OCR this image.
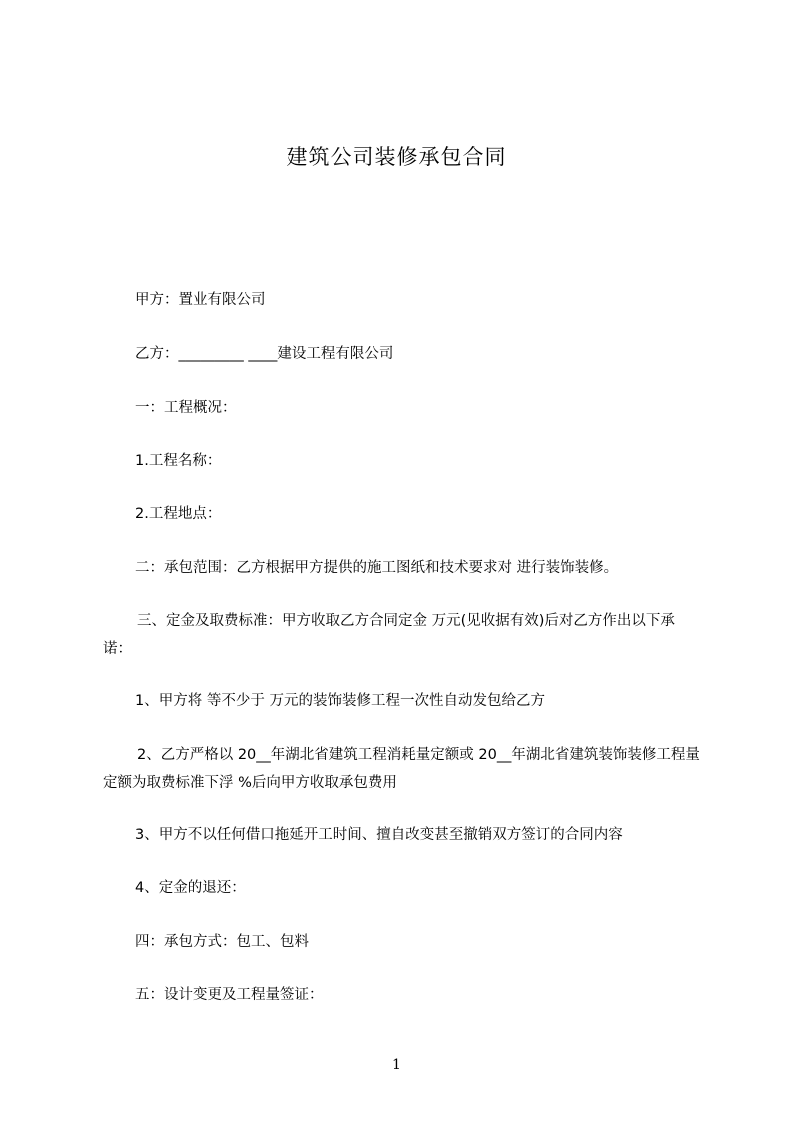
建筑公司装修承包合同
甲方：置业有限公司
乙方：_________ ____建设工程有限公司
一：工程概况：
1.工程名称：
2.工程地点：
二：承包范围：乙方根据甲方提供的施工图纸和技术要求对 进行装饰装修。
三、定金及取费标准：甲方收取乙方合同定金 万元(见收据有效)后对乙方作出以下承诺：
1、甲方将 等不少于 万元的装饰装修工程一次性自动发包给乙方
2、乙方严格以 20__年湖北省建筑工程消耗量定额或 20__年湖北省建筑装饰装修工程量定额为取费标准下浮 %后向甲方收取承包费用
3、甲方不以任何借口拖延开工时间、擅自改变甚至撤销双方签订的合同内容
4、定金的退还：
四：承包方式：包工、包料
五：设计变更及工程量签证：
1
